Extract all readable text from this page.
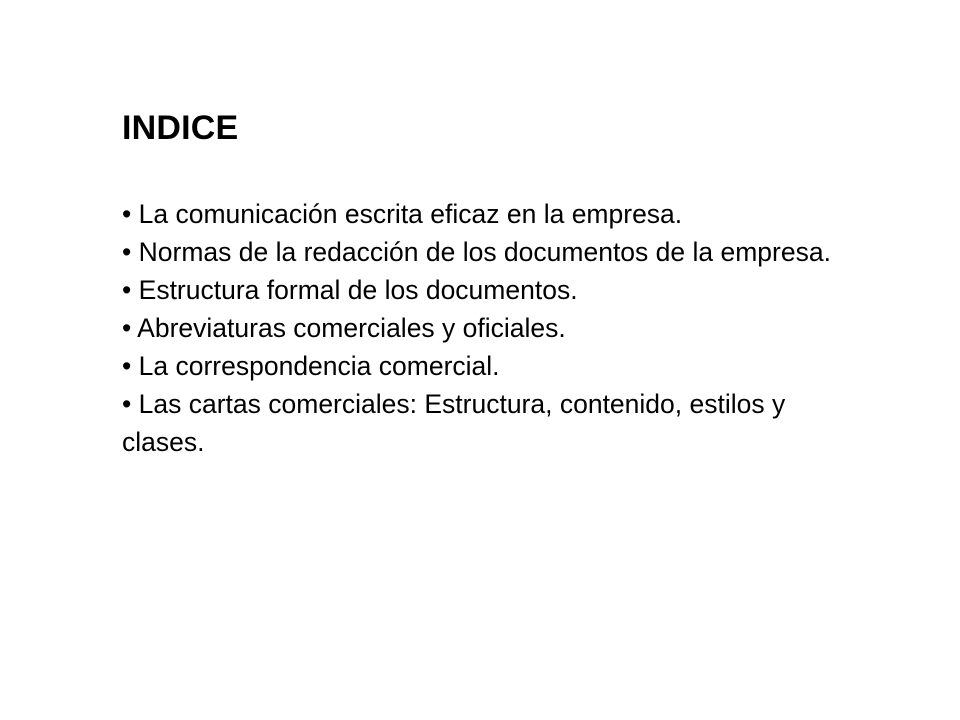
INDICE
• La comunicación escrita eficaz en la empresa.
• Normas de la redacción de los documentos de la empresa.
• Estructura formal de los documentos.
• Abreviaturas comerciales y oficiales.
• La correspondencia comercial.
• Las cartas comerciales: Estructura, contenido, estilos y clases.
